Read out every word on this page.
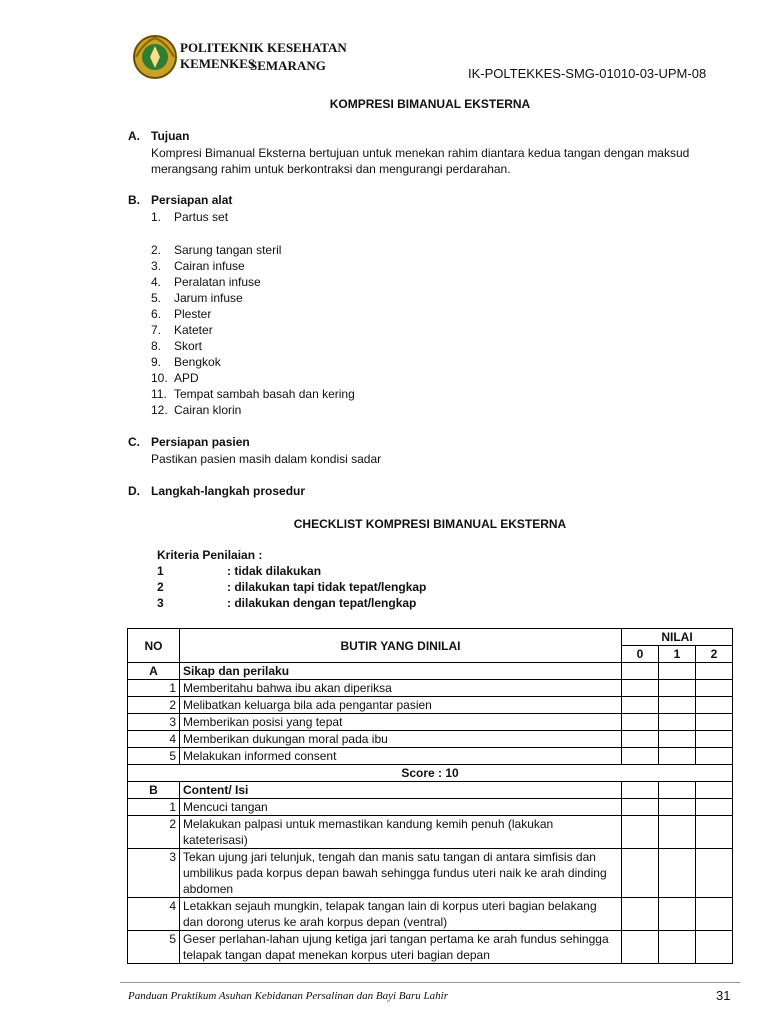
POLITEKNIK KESEHATAN KEMENKES
SEMARANG
IK-POLTEKKES-SMG-01010-03-UPM-08
KOMPRESI BIMANUAL EKSTERNA
A. Tujuan
Kompresi Bimanual Eksterna bertujuan untuk menekan rahim diantara kedua tangan dengan maksud merangsang rahim untuk berkontraksi dan mengurangi perdarahan.
B. Persiapan alat
1. Partus set
2. Sarung tangan steril
3. Cairan infuse
4. Peralatan infuse
5. Jarum infuse
6. Plester
7. Kateter
8. Skort
9. Bengkok
10. APD
11. Tempat sambah basah dan kering
12. Cairan klorin
C. Persiapan pasien
Pastikan pasien masih dalam kondisi sadar
D. Langkah-langkah prosedur
CHECKLIST KOMPRESI BIMANUAL EKSTERNA
Kriteria Penilaian :
1	: tidak dilakukan
2	: dilakukan tapi tidak tepat/lengkap
3	: dilakukan dengan tepat/lengkap
NO	BUTIR YANG DINILAI	NILAI		
		0	1	2
A	Sikap dan perilaku			
1	Memberitahu bahwa ibu akan diperiksa			
2	Melibatkan keluarga bila ada pengantar pasien			
3	Memberikan posisi yang tepat			
4	Memberikan dukungan moral pada ibu			
5	Melakukan informed consent			
Score : 10				
B	Content/ Isi			
1	Mencuci tangan			
2	Melakukan palpasi untuk memastikan kandung kemih penuh (lakukan kateterisasi)			
3	Tekan ujung jari telunjuk, tengah dan manis satu tangan di antara simfisis dan umbilikus pada korpus depan bawah sehingga fundus uteri naik ke arah dinding abdomen			
4	Letakkan sejauh mungkin, telapak tangan lain di korpus uteri bagian belakang dan dorong uterus ke arah korpus depan (ventral)			
5	Geser perlahan-lahan ujung ketiga jari tangan pertama ke arah fundus sehingga telapak tangan dapat menekan korpus uteri bagian depan			
Panduan Praktikum Asuhan Kebidanan Persalinan dan Bayi Baru Lahir	31
